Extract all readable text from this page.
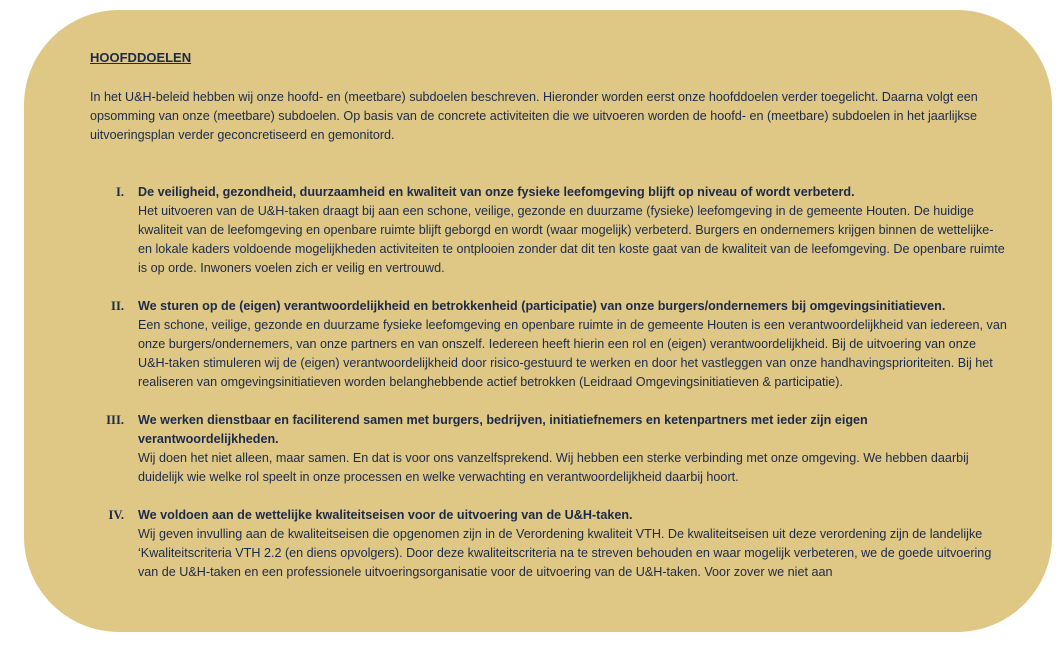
HOOFDDOELEN
In het U&H-beleid hebben wij onze hoofd- en (meetbare) subdoelen beschreven. Hieronder worden eerst onze hoofddoelen verder toegelicht. Daarna volgt een opsomming van onze (meetbare) subdoelen. Op basis van de concrete activiteiten die we uitvoeren worden de hoofd- en (meetbare) subdoelen in het jaarlijkse uitvoeringsplan verder geconcretiseerd en gemonitord.
I. De veiligheid, gezondheid, duurzaamheid en kwaliteit van onze fysieke leefomgeving blijft op niveau of wordt verbeterd.
Het uitvoeren van de U&H-taken draagt bij aan een schone, veilige, gezonde en duurzame (fysieke) leefomgeving in de gemeente Houten. De huidige kwaliteit van de leefomgeving en openbare ruimte blijft geborgd en wordt (waar mogelijk) verbeterd. Burgers en ondernemers krijgen binnen de wettelijke- en lokale kaders voldoende mogelijkheden activiteiten te ontplooien zonder dat dit ten koste gaat van de kwaliteit van de leefomgeving. De openbare ruimte is op orde. Inwoners voelen zich er veilig en vertrouwd.
II. We sturen op de (eigen) verantwoordelijkheid en betrokkenheid (participatie) van onze burgers/ondernemers bij omgevingsinitiatieven.
Een schone, veilige, gezonde en duurzame fysieke leefomgeving en openbare ruimte in de gemeente Houten is een verantwoordelijkheid van iedereen, van onze burgers/ondernemers, van onze partners en van onszelf. Iedereen heeft hierin een rol en (eigen) verantwoordelijkheid. Bij de uitvoering van onze U&H-taken stimuleren wij de (eigen) verantwoordelijkheid door risico-gestuurd te werken en door het vastleggen van onze handhavingsprioriteiten. Bij het realiseren van omgevingsinitiatieven worden belanghebbende actief betrokken (Leidraad Omgevingsinitiatieven & participatie).
III. We werken dienstbaar en faciliterend samen met burgers, bedrijven, initiatiefnemers en ketenpartners met ieder zijn eigen verantwoordelijkheden.
Wij doen het niet alleen, maar samen. En dat is voor ons vanzelfsprekend. Wij hebben een sterke verbinding met onze omgeving. We hebben daarbij duidelijk wie welke rol speelt in onze processen en welke verwachting en verantwoordelijkheid daarbij hoort.
IV. We voldoen aan de wettelijke kwaliteitseisen voor de uitvoering van de U&H-taken.
Wij geven invulling aan de kwaliteitseisen die opgenomen zijn in de Verordening kwaliteit VTH. De kwaliteitseisen uit deze verordening zijn de landelijke ‘Kwaliteitscriteria VTH 2.2 (en diens opvolgers). Door deze kwaliteitscriteria na te streven behouden en waar mogelijk verbeteren, we de goede uitvoering van de U&H-taken en een professionele uitvoeringsorganisatie voor de uitvoering van de U&H-taken. Voor zover we niet aan
